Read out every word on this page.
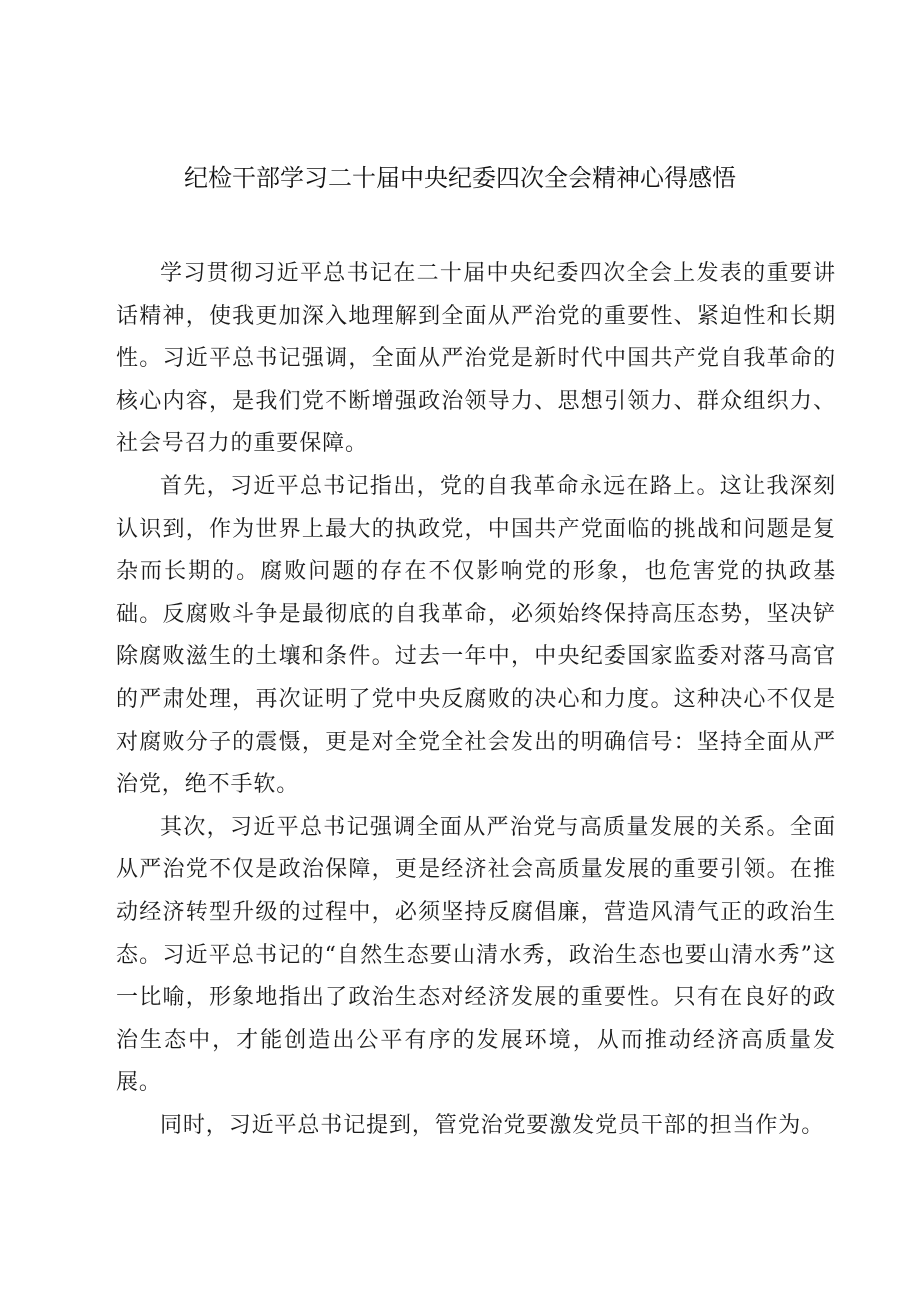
纪检干部学习二十届中央纪委四次全会精神心得感悟

学习贯彻习近平总书记在二十届中央纪委四次全会上发表的重要讲话精神，使我更加深入地理解到全面从严治党的重要性、紧迫性和长期性。习近平总书记强调，全面从严治党是新时代中国共产党自我革命的核心内容，是我们党不断增强政治领导力、思想引领力、群众组织力、社会号召力的重要保障。

首先，习近平总书记指出，党的自我革命永远在路上。这让我深刻认识到，作为世界上最大的执政党，中国共产党面临的挑战和问题是复杂而长期的。腐败问题的存在不仅影响党的形象，也危害党的执政基础。反腐败斗争是最彻底的自我革命，必须始终保持高压态势，坚决铲除腐败滋生的土壤和条件。过去一年中，中央纪委国家监委对落马高官的严肃处理，再次证明了党中央反腐败的决心和力度。这种决心不仅是对腐败分子的震慑，更是对全党全社会发出的明确信号：坚持全面从严治党，绝不手软。

其次，习近平总书记强调全面从严治党与高质量发展的关系。全面从严治党不仅是政治保障，更是经济社会高质量发展的重要引领。在推动经济转型升级的过程中，必须坚持反腐倡廉，营造风清气正的政治生态。习近平总书记的“自然生态要山清水秀，政治生态也要山清水秀”这一比喻，形象地指出了政治生态对经济发展的重要性。只有在良好的政治生态中，才能创造出公平有序的发展环境，从而推动经济高质量发展。

同时，习近平总书记提到，管党治党要激发党员干部的担当作为。
